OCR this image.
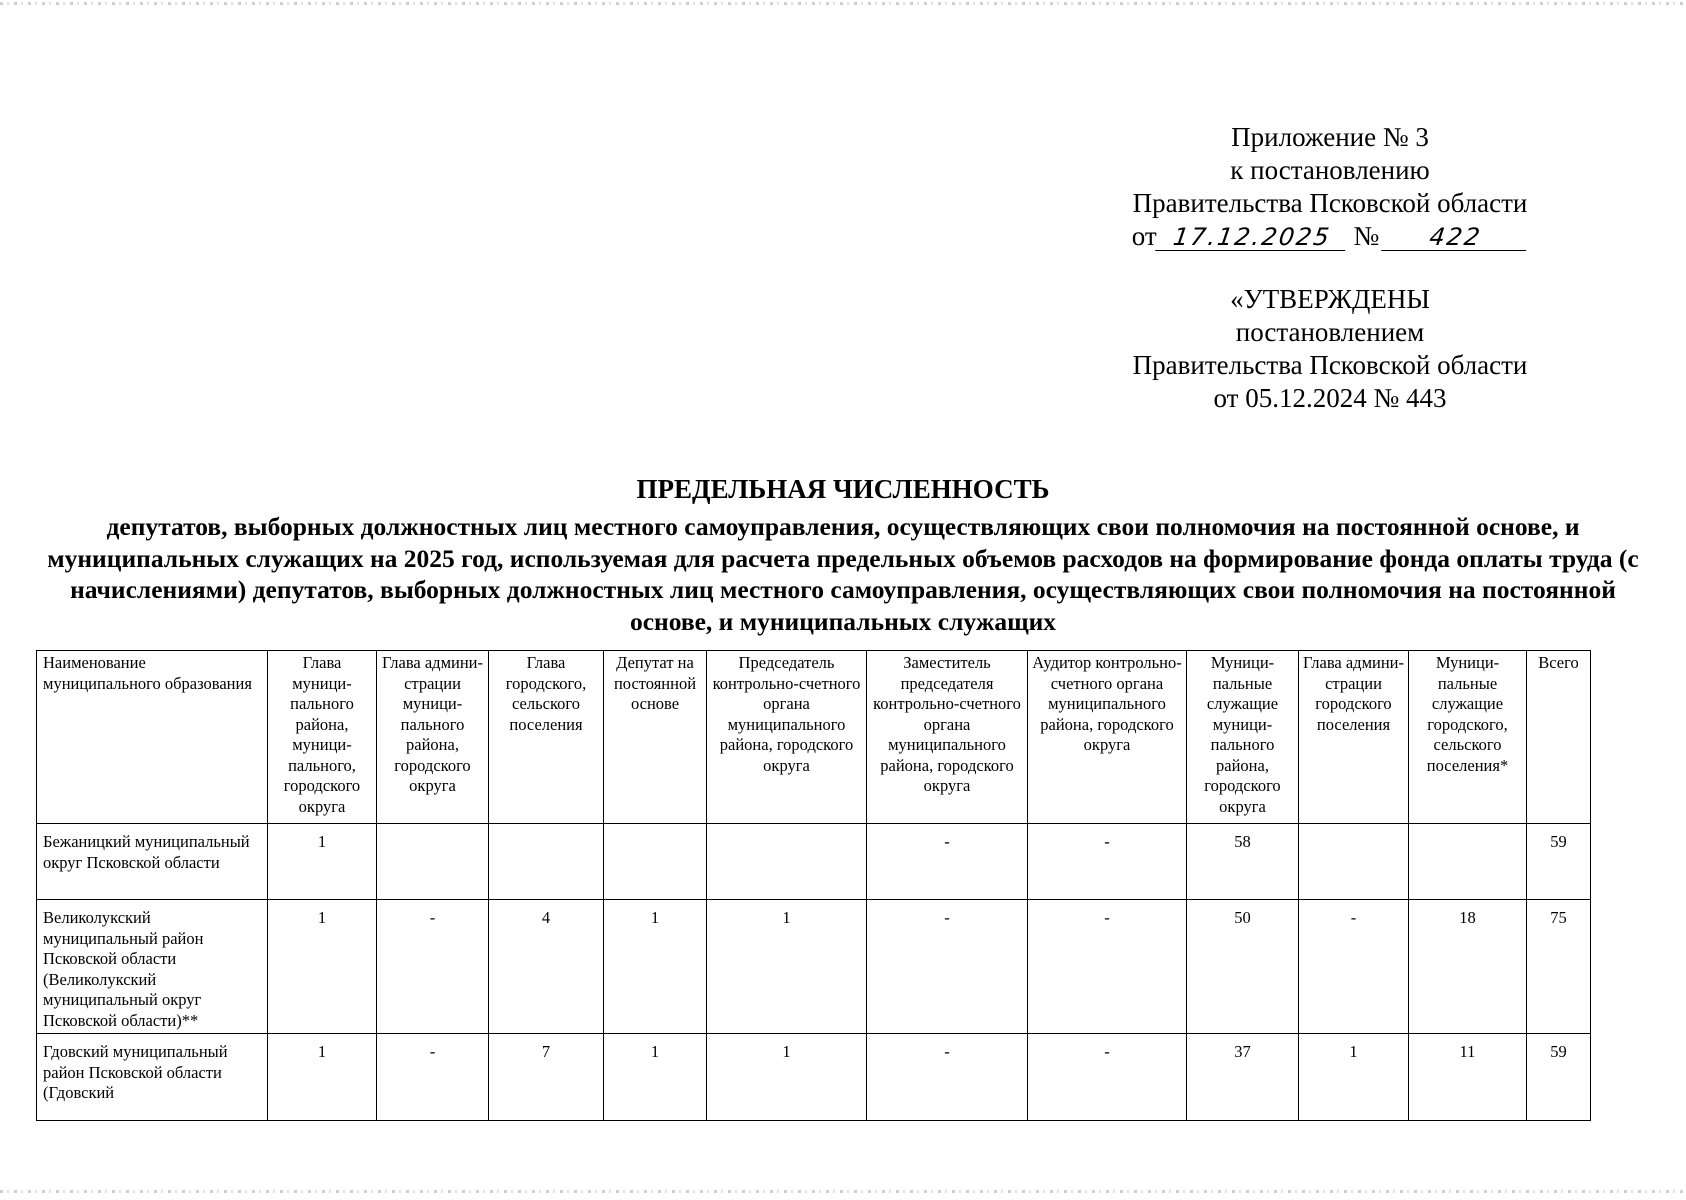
Приложение № 3
к постановлению
Правительства Псковской области
от 17.12.2025 № 422
«УТВЕРЖДЕНЫ
постановлением
Правительства Псковской области
от 05.12.2024 № 443
ПРЕДЕЛЬНАЯ ЧИСЛЕННОСТЬ
депутатов, выборных должностных лиц местного самоуправления, осуществляющих свои полномочия на постоянной основе, и муниципальных служащих на 2025 год, используемая для расчета предельных объемов расходов на формирование фонда оплаты труда (с начислениями) депутатов, выборных должностных лиц местного самоуправления, осуществляющих свои полномочия на постоянной основе, и муниципальных служащих
Наименование муниципального образования	Глава муници-пального района, муници-пального, городского округа	Глава админи-страции муници-пального района, городского округа	Глава городского, сельского поселения	Депутат на постоянной основе	Председатель контрольно-счетного органа муниципального района, городского округа	Заместитель председателя контрольно-счетного органа муниципального района, городского округа	Аудитор контрольно-счетного органа муниципального района, городского округа	Муници-пальные служащие муници-пального района, городского округа	Глава админи-страции городского поселения	Муници-пальные служащие городского, сельского поселения*	Всего
Бежаницкий муниципальный округ Псковской области	1					-	-	58			59
Великолукский муниципальный район Псковской области (Великолукский муниципальный округ Псковской области)**	1	-	4	1	1	-	-	50	-	18	75
Гдовский муниципальный район Псковской области (Гдовский	1	-	7	1	1	-	-	37	1	11	59
